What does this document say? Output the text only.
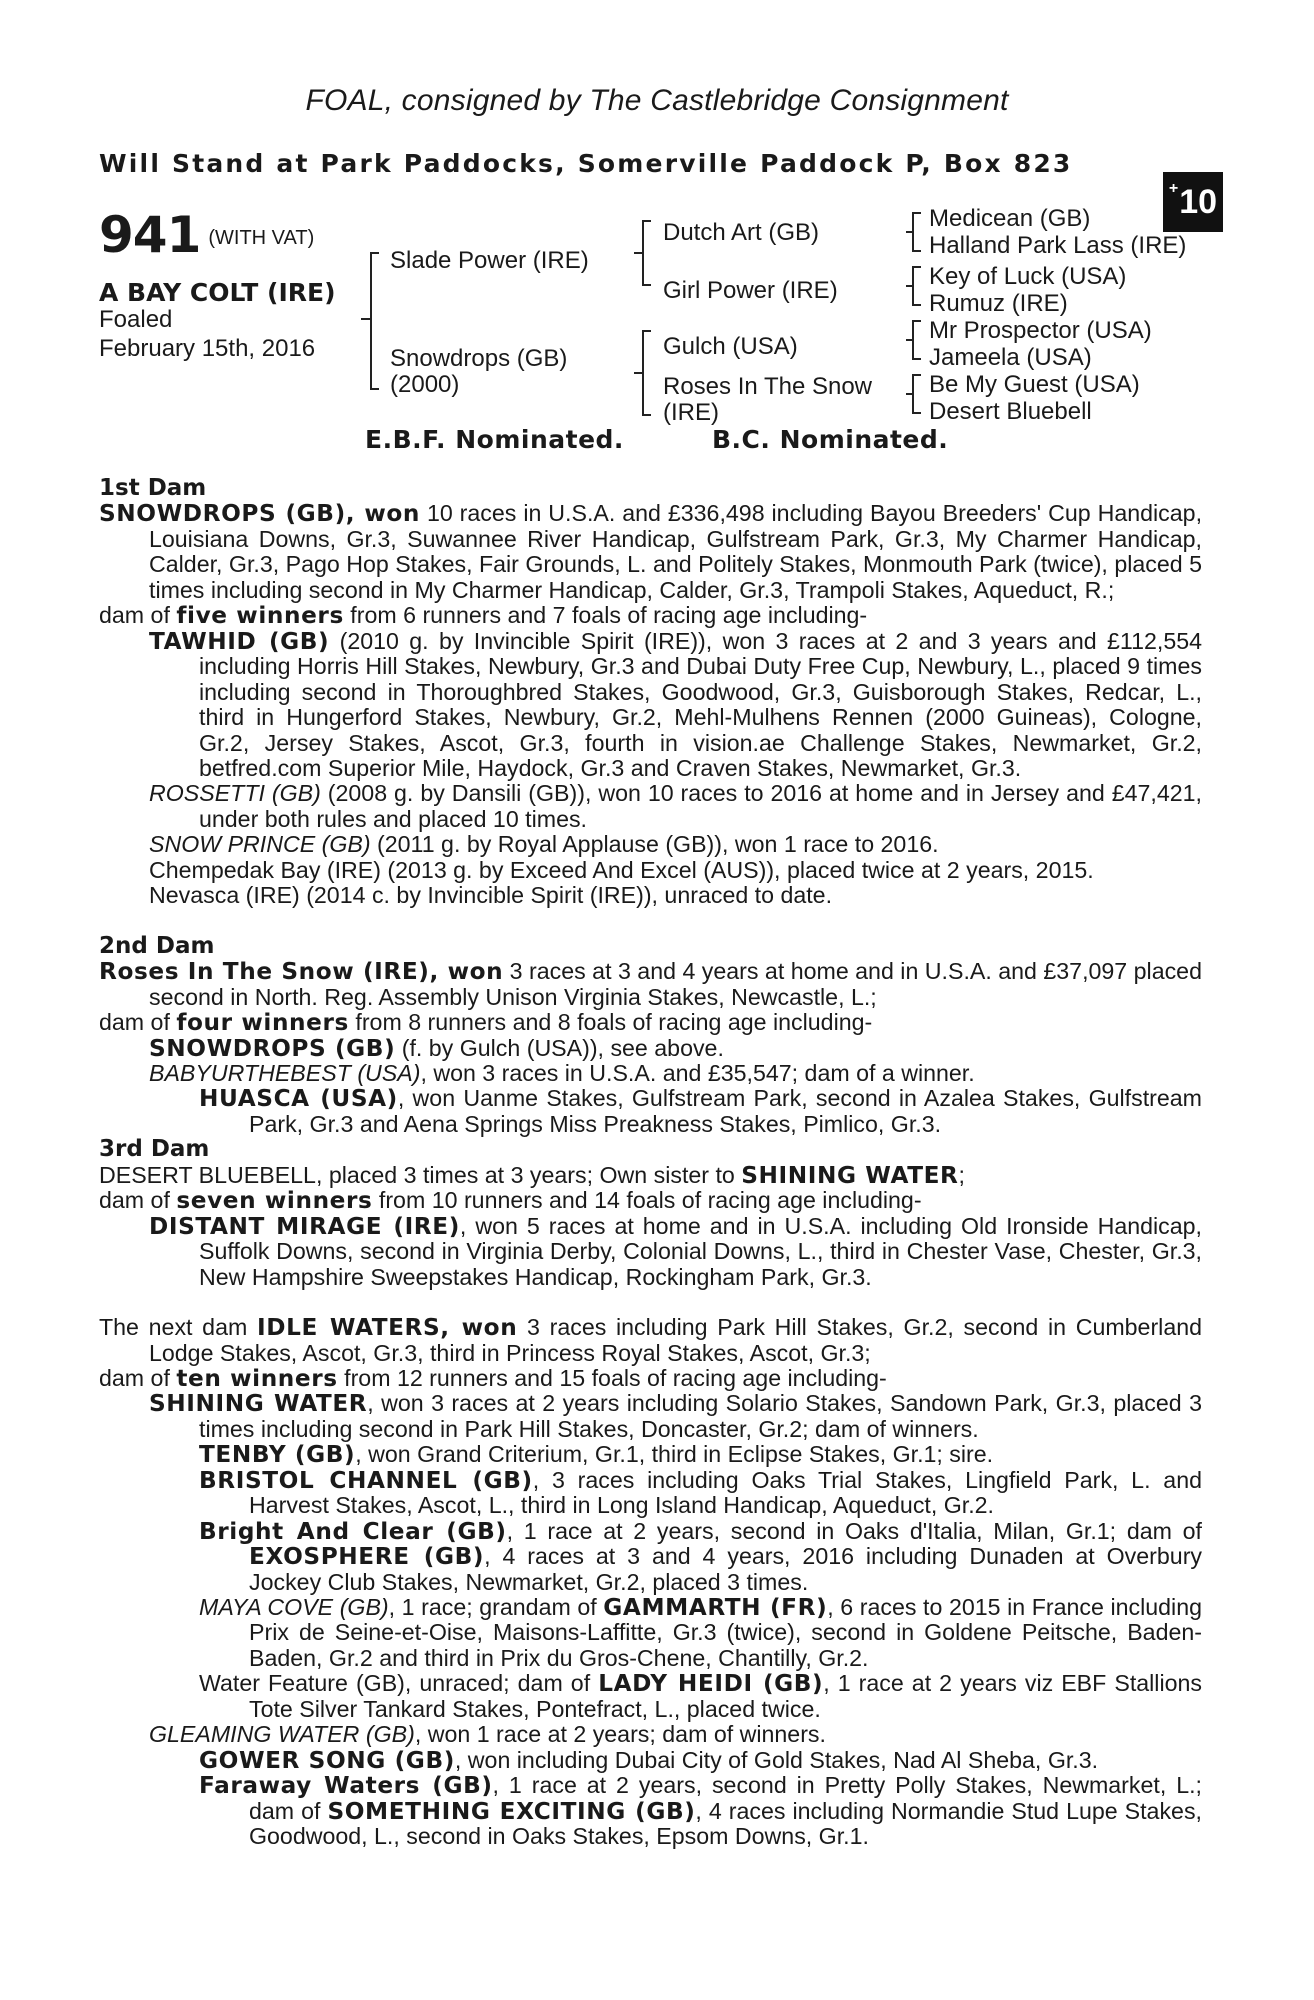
FOAL, consigned by The Castlebridge Consignment
Will Stand at Park Paddocks, Somerville Paddock P, Box 823
+ 10
941 (WITH VAT)
A BAY COLT (IRE)
Foaled
February 15th, 2016
Slade Power (IRE)
Snowdrops (GB)
(2000)
Dutch Art (GB)
Girl Power (IRE)
Gulch (USA)
Roses In The Snow
(IRE)
Medicean (GB)
Halland Park Lass (IRE)
Key of Luck (USA)
Rumuz (IRE)
Mr Prospector (USA)
Jameela (USA)
Be My Guest (USA)
Desert Bluebell
E.B.F. Nominated.	B.C. Nominated.
1st Dam

SNOWDROPS (GB), won 10 races in U.S.A. and £336,498 including Bayou Breeders' Cup Handicap, Louisiana Downs, Gr.3, Suwannee River Handicap, Gulfstream Park, Gr.3, My Charmer Handicap, Calder, Gr.3, Pago Hop Stakes, Fair Grounds, L. and Politely Stakes, Monmouth Park (twice), placed 5 times including second in My Charmer Handicap, Calder, Gr.3, Trampoli Stakes, Aqueduct, R.;

dam of five winners from 6 runners and 7 foals of racing age including-

TAWHID (GB) (2010 g. by Invincible Spirit (IRE)), won 3 races at 2 and 3 years and £112,554 including Horris Hill Stakes, Newbury, Gr.3 and Dubai Duty Free Cup, Newbury, L., placed 9 times including second in Thoroughbred Stakes, Goodwood, Gr.3, Guisborough Stakes, Redcar, L., third in Hungerford Stakes, Newbury, Gr.2, Mehl-Mulhens Rennen (2000 Guineas), Cologne, Gr.2, Jersey Stakes, Ascot, Gr.3, fourth in vision.ae Challenge Stakes, Newmarket, Gr.2, betfred.com Superior Mile, Haydock, Gr.3 and Craven Stakes, Newmarket, Gr.3.

ROSSETTI (GB) (2008 g. by Dansili (GB)), won 10 races to 2016 at home and in Jersey and £47,421, under both rules and placed 10 times.

SNOW PRINCE (GB) (2011 g. by Royal Applause (GB)), won 1 race to 2016.

Chempedak Bay (IRE) (2013 g. by Exceed And Excel (AUS)), placed twice at 2 years, 2015.

Nevasca (IRE) (2014 c. by Invincible Spirit (IRE)), unraced to date.

2nd Dam

Roses In The Snow (IRE), won 3 races at 3 and 4 years at home and in U.S.A. and £37,097 placed second in North. Reg. Assembly Unison Virginia Stakes, Newcastle, L.;

dam of four winners from 8 runners and 8 foals of racing age including-

SNOWDROPS (GB) (f. by Gulch (USA)), see above.

BABYURTHEBEST (USA), won 3 races in U.S.A. and £35,547; dam of a winner.

HUASCA (USA), won Uanme Stakes, Gulfstream Park, second in Azalea Stakes, Gulfstream Park, Gr.3 and Aena Springs Miss Preakness Stakes, Pimlico, Gr.3.

3rd Dam

DESERT BLUEBELL, placed 3 times at 3 years; Own sister to SHINING WATER;

dam of seven winners from 10 runners and 14 foals of racing age including-

DISTANT MIRAGE (IRE), won 5 races at home and in U.S.A. including Old Ironside Handicap, Suffolk Downs, second in Virginia Derby, Colonial Downs, L., third in Chester Vase, Chester, Gr.3, New Hampshire Sweepstakes Handicap, Rockingham Park, Gr.3.

The next dam IDLE WATERS, won 3 races including Park Hill Stakes, Gr.2, second in Cumberland Lodge Stakes, Ascot, Gr.3, third in Princess Royal Stakes, Ascot, Gr.3;

dam of ten winners from 12 runners and 15 foals of racing age including-

SHINING WATER, won 3 races at 2 years including Solario Stakes, Sandown Park, Gr.3, placed 3 times including second in Park Hill Stakes, Doncaster, Gr.2; dam of winners.

TENBY (GB), won Grand Criterium, Gr.1, third in Eclipse Stakes, Gr.1; sire.

BRISTOL CHANNEL (GB), 3 races including Oaks Trial Stakes, Lingfield Park, L. and Harvest Stakes, Ascot, L., third in Long Island Handicap, Aqueduct, Gr.2.

Bright And Clear (GB), 1 race at 2 years, second in Oaks d'Italia, Milan, Gr.1; dam of EXOSPHERE (GB), 4 races at 3 and 4 years, 2016 including Dunaden at Overbury Jockey Club Stakes, Newmarket, Gr.2, placed 3 times.

MAYA COVE (GB), 1 race; grandam of GAMMARTH (FR), 6 races to 2015 in France including Prix de Seine-et-Oise, Maisons-Laffitte, Gr.3 (twice), second in Goldene Peitsche, Baden-Baden, Gr.2 and third in Prix du Gros-Chene, Chantilly, Gr.2.

Water Feature (GB), unraced; dam of LADY HEIDI (GB), 1 race at 2 years viz EBF Stallions Tote Silver Tankard Stakes, Pontefract, L., placed twice.

GLEAMING WATER (GB), won 1 race at 2 years; dam of winners.

GOWER SONG (GB), won including Dubai City of Gold Stakes, Nad Al Sheba, Gr.3.

Faraway Waters (GB), 1 race at 2 years, second in Pretty Polly Stakes, Newmarket, L.; dam of SOMETHING EXCITING (GB), 4 races including Normandie Stud Lupe Stakes, Goodwood, L., second in Oaks Stakes, Epsom Downs, Gr.1.
